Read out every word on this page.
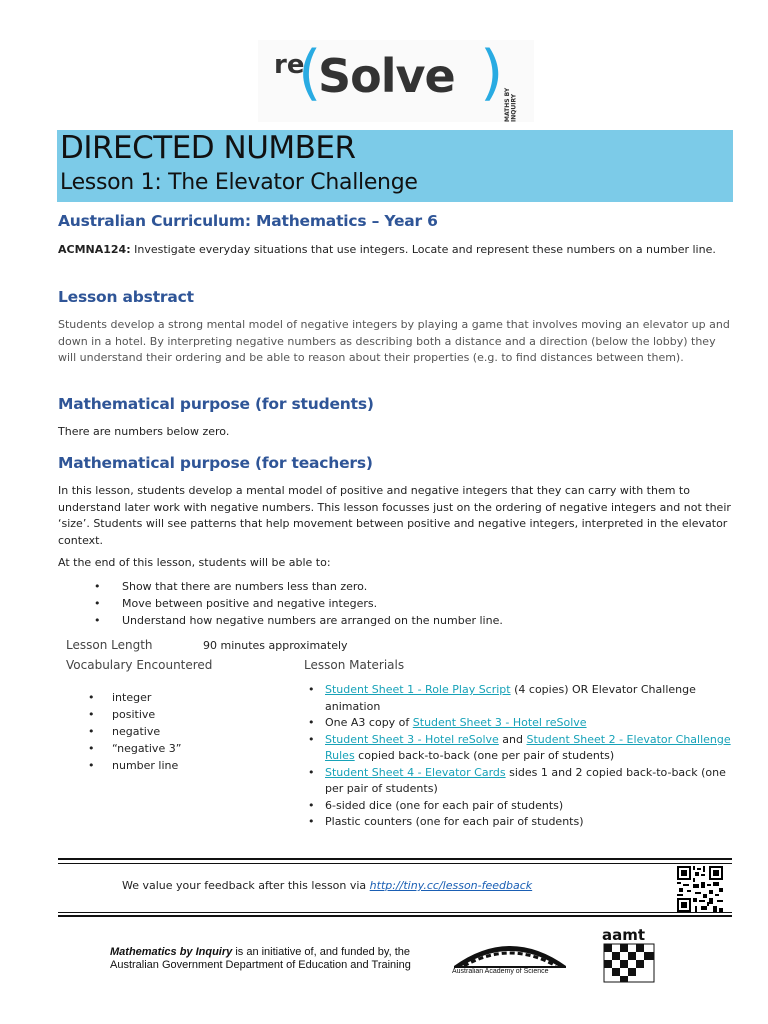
re
(
Solve ) MATHS BY INQUIRY
DIRECTED NUMBER
Lesson 1: The Elevator Challenge
Australian Curriculum: Mathematics – Year 6
ACMNA124: Investigate everyday situations that use integers. Locate and represent these numbers on a number line.
Lesson abstract
Students develop a strong mental model of negative integers by playing a game that involves moving an elevator up and down in a hotel. By interpreting negative numbers as describing both a distance and a direction (below the lobby) they will understand their ordering and be able to reason about their properties (e.g. to find distances between them).
Mathematical purpose (for students)
There are numbers below zero.
Mathematical purpose (for teachers)
In this lesson, students develop a mental model of positive and negative integers that they can carry with them to understand later work with negative numbers. This lesson focusses just on the ordering of negative integers and not their ‘size’. Students will see patterns that help movement between positive and negative integers, interpreted in the elevator context.
At the end of this lesson, students will be able to:
• Show that there are numbers less than zero.
• Move between positive and negative integers.
• Understand how negative numbers are arranged on the number line.
Lesson Length	90 minutes approximately
Vocabulary Encountered	Lesson Materials
• integer
• positive
• negative
• “negative 3”
• number line
• Student Sheet 1 - Role Play Script (4 copies) OR Elevator Challenge animation
• One A3 copy of Student Sheet 3 - Hotel reSolve
• Student Sheet 3 - Hotel reSolve and Student Sheet 2 - Elevator Challenge Rules copied back-to-back (one per pair of students)
• Student Sheet 4 - Elevator Cards sides 1 and 2 copied back-to-back (one per pair of students)
• 6-sided dice (one for each pair of students)
• Plastic counters (one for each pair of students)
We value your feedback after this lesson via http://tiny.cc/lesson-feedback
Mathematics by Inquiry is an initiative of, and funded by, the
Australian Government Department of Education and Training
Australian Academy of Science
aamt
